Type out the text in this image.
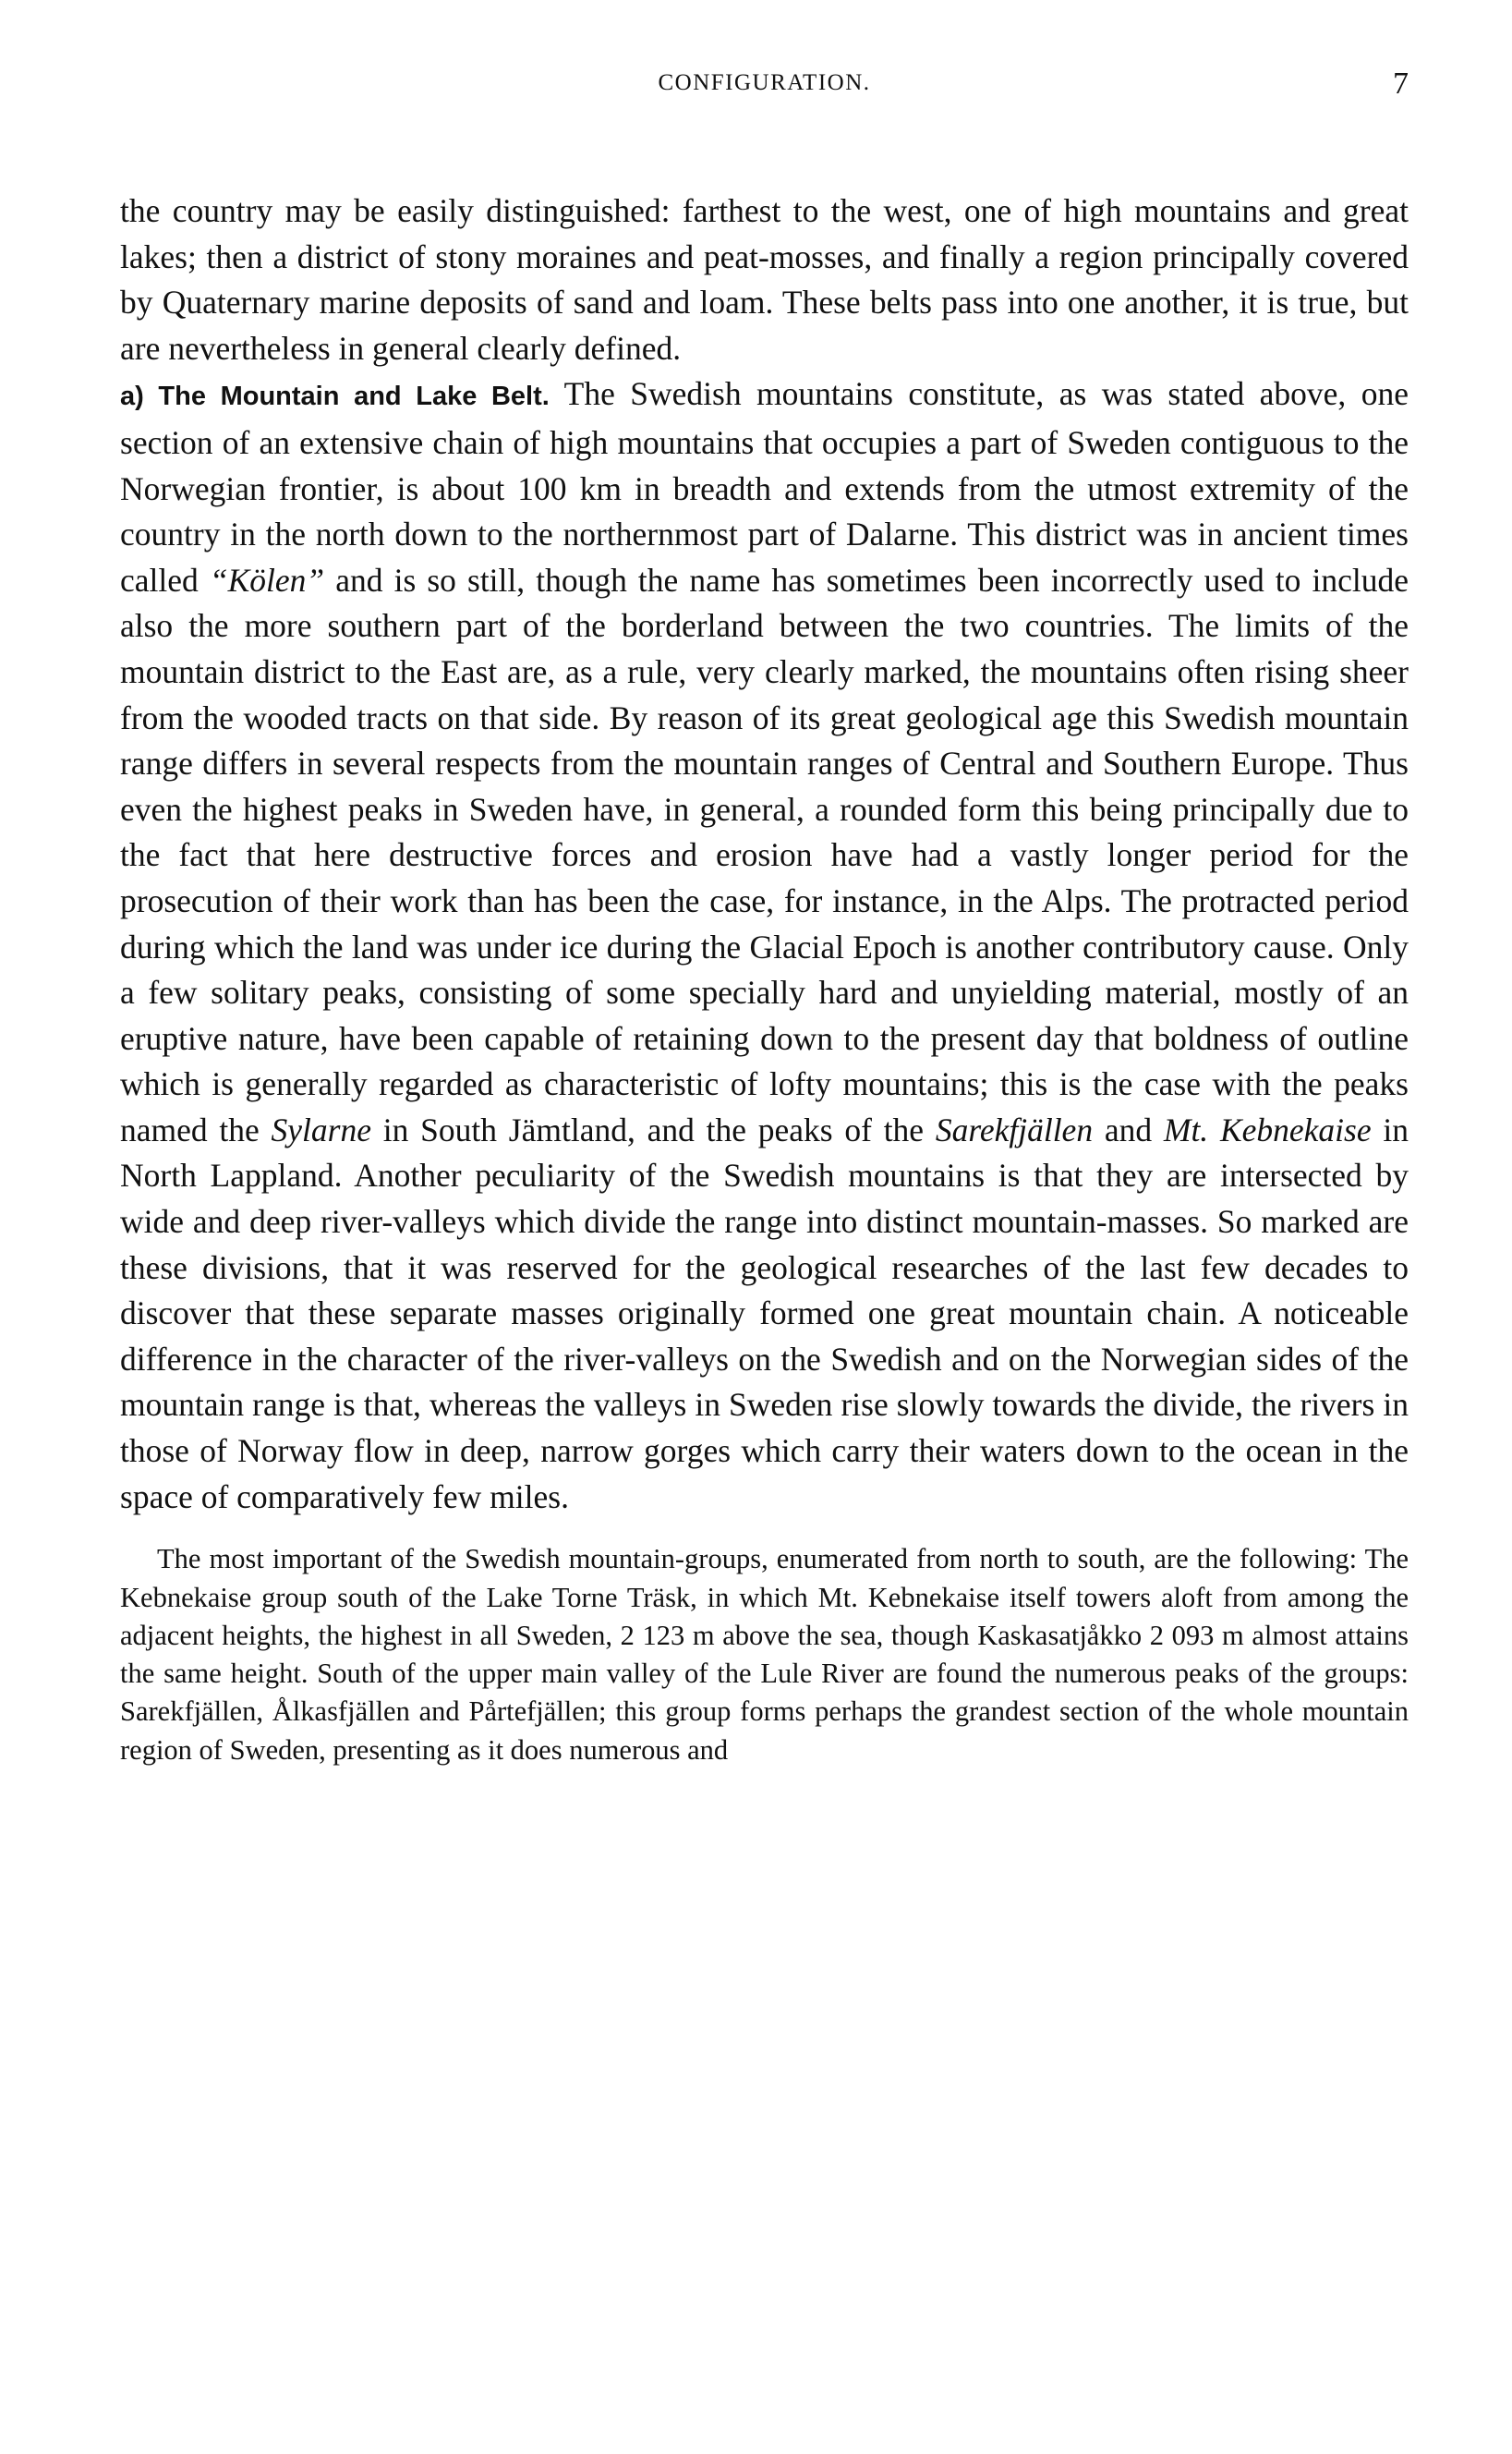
CONFIGURATION.	7

the country may be easily distinguished: farthest to the west, one of high mountains and great lakes; then a district of stony moraines and peat-mosses, and finally a region principally covered by Quaternary marine deposits of sand and loam. These belts pass into one another, it is true, but are nevertheless in general clearly defined.

a) The Mountain and Lake Belt. The Swedish mountains constitute, as was stated above, one section of an extensive chain of high mountains that occupies a part of Sweden contiguous to the Norwegian frontier, is about 100 km in breadth and extends from the utmost extremity of the country in the north down to the northernmost part of Dalarne. This district was in ancient times called “Kölen” and is so still, though the name has sometimes been incorrectly used to include also the more southern part of the borderland between the two countries. The limits of the mountain district to the East are, as a rule, very clearly marked, the mountains often rising sheer from the wooded tracts on that side. By reason of its great geological age this Swedish mountain range differs in several respects from the mountain ranges of Central and Southern Europe. Thus even the highest peaks in Sweden have, in general, a rounded form this being principally due to the fact that here destructive forces and erosion have had a vastly longer period for the prosecution of their work than has been the case, for instance, in the Alps. The protracted period during which the land was under ice during the Glacial Epoch is another contributory cause. Only a few solitary peaks, consisting of some specially hard and unyielding material, mostly of an eruptive nature, have been capable of retaining down to the present day that boldness of outline which is generally regarded as characteristic of lofty mountains; this is the case with the peaks named the Sylarne in South Jämtland, and the peaks of the Sarekfjällen and Mt. Kebnekaise in North Lappland. Another peculiarity of the Swedish mountains is that they are intersected by wide and deep river-valleys which divide the range into distinct mountain-masses. So marked are these divisions, that it was reserved for the geological researches of the last few decades to discover that these separate masses originally formed one great mountain chain. A noticeable difference in the character of the river-valleys on the Swedish and on the Norwegian sides of the mountain range is that, whereas the valleys in Sweden rise slowly towards the divide, the rivers in those of Norway flow in deep, narrow gorges which carry their waters down to the ocean in the space of comparatively few miles.

The most important of the Swedish mountain-groups, enumerated from north to south, are the following: The Kebnekaise group south of the Lake Torne Träsk, in which Mt. Kebnekaise itself towers aloft from among the adjacent heights, the highest in all Sweden, 2 123 m above the sea, though Kaskasatjåkko 2 093 m almost attains the same height. South of the upper main valley of the Lule River are found the numerous peaks of the groups: Sarekfjällen, Ålkasfjällen and Pårtefjällen; this group forms perhaps the grandest section of the whole mountain region of Sweden, presenting as it does numerous and
